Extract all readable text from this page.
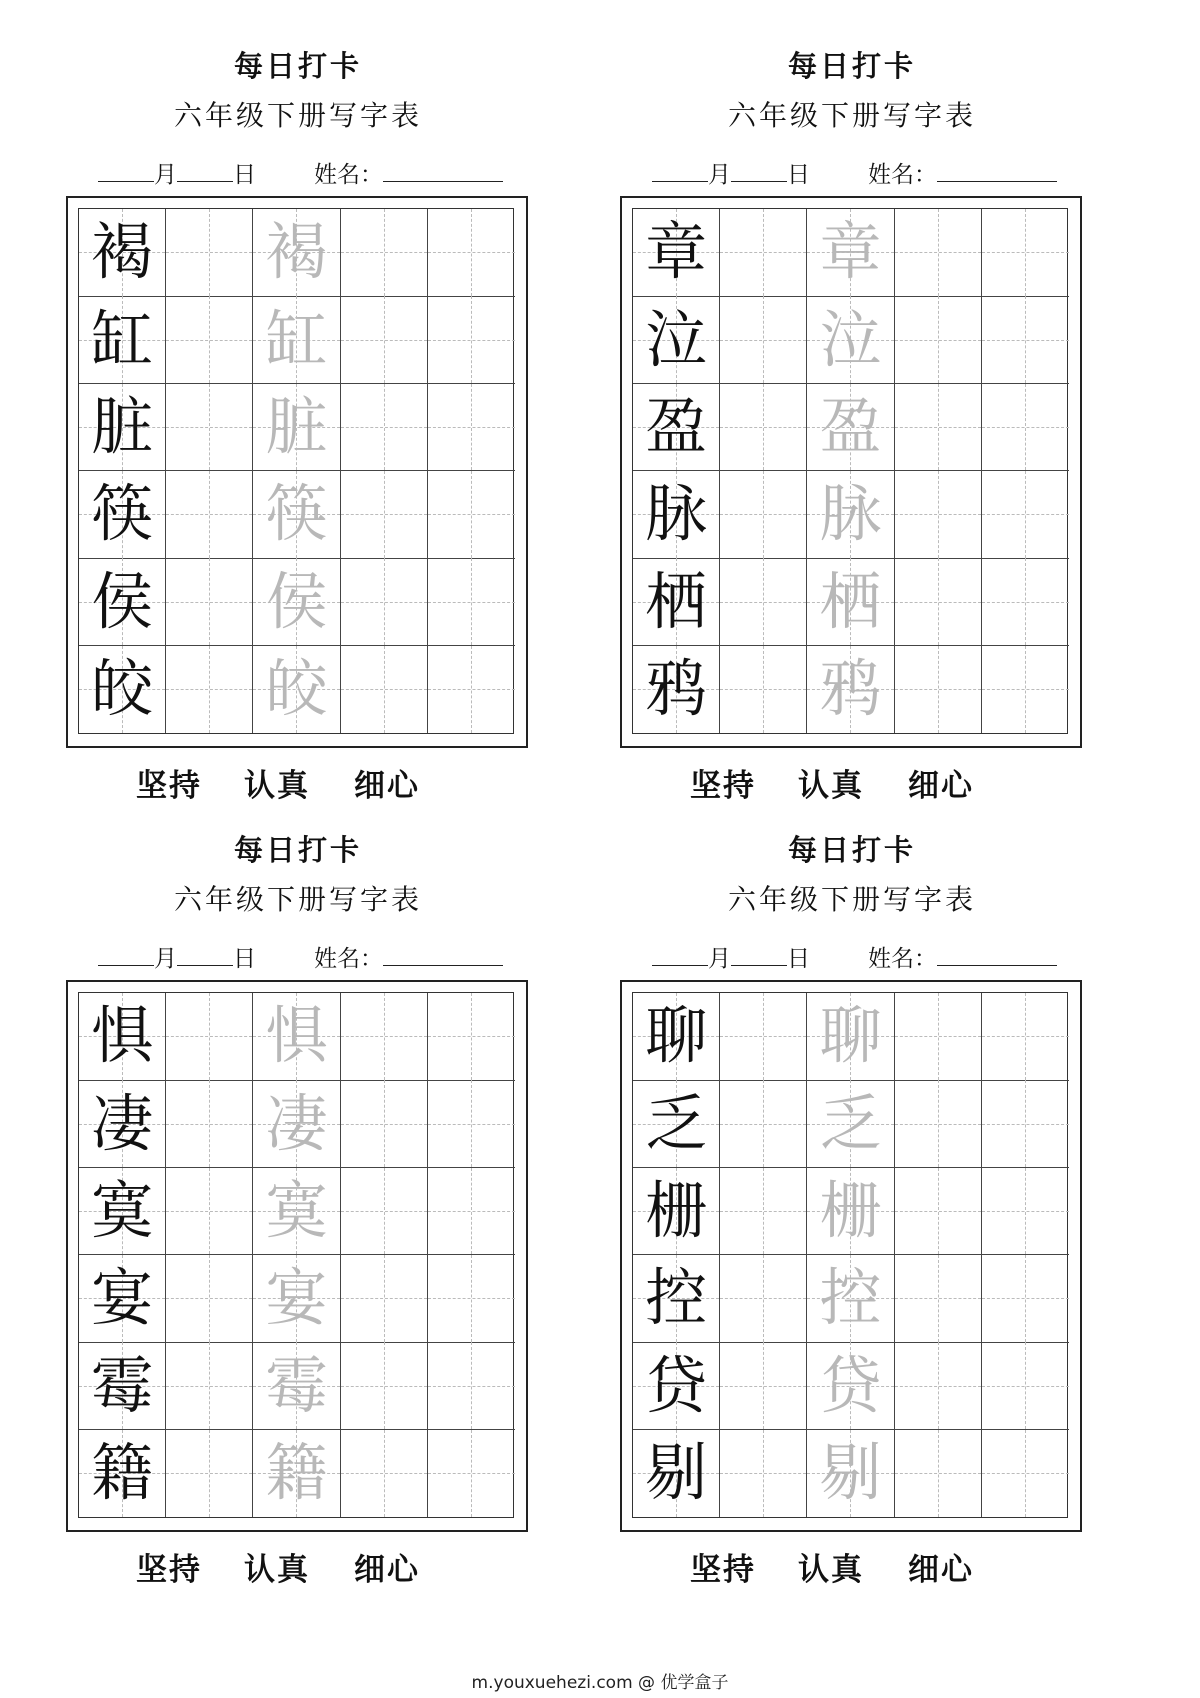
每日打卡
六年级下册写字表
月 日	姓名：
褐 褐
缸 缸
脏 脏
筷 筷
侯 侯
皎 皎
坚持 认真 细心
每日打卡
六年级下册写字表
月 日	姓名：
章 章
泣 泣
盈 盈
脉 脉
栖 栖
鸦 鸦
坚持 认真 细心
每日打卡
六年级下册写字表
月 日	姓名：
惧 惧
凄 凄
寞 寞
宴 宴
霉 霉
籍 籍
坚持 认真 细心
每日打卡
六年级下册写字表
月 日	姓名：
聊 聊
乏 乏
栅 栅
控 控
贷 贷
剔 剔
坚持 认真 细心
m.youxuehezi.com @ 优学盒子
